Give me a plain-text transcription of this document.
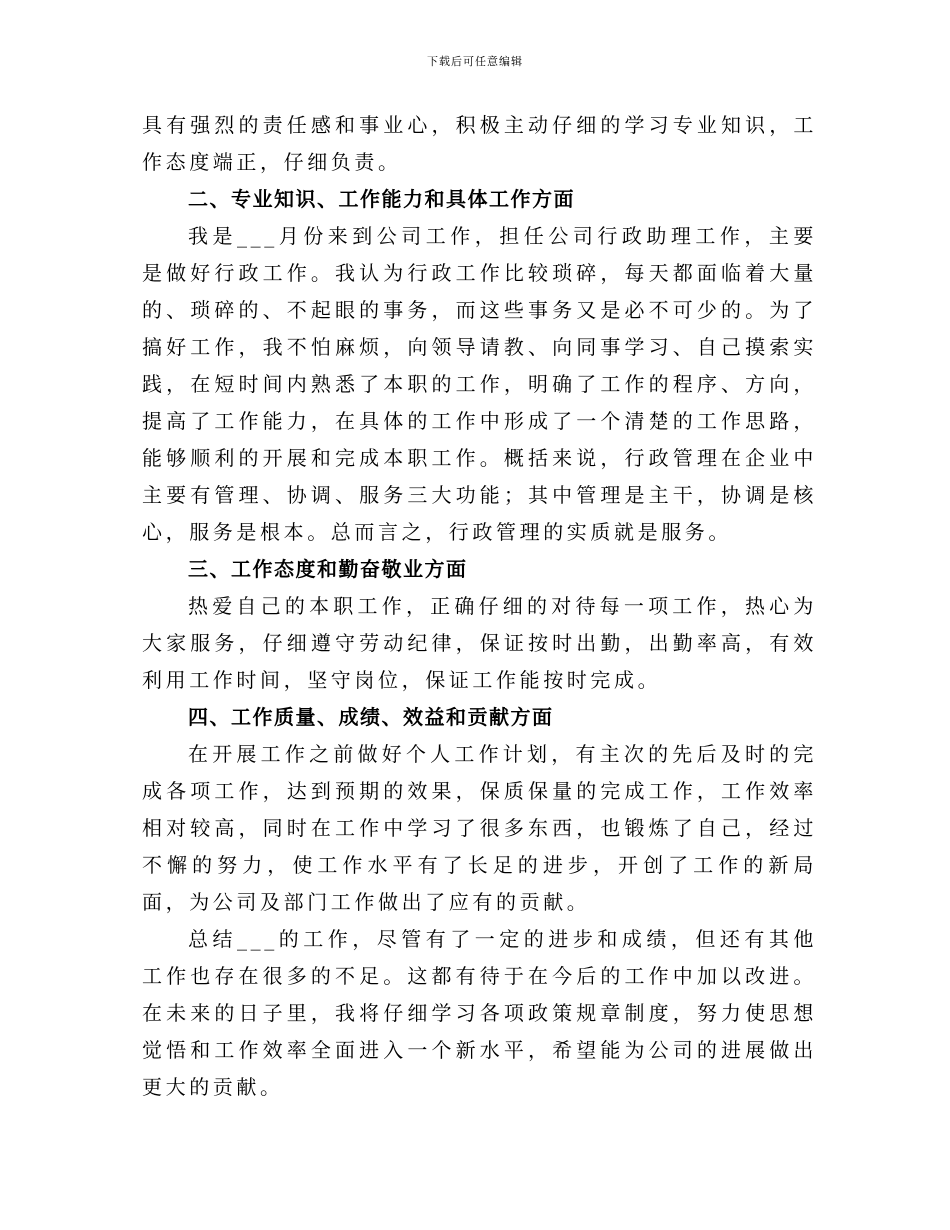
下载后可任意编辑

具有强烈的责任感和事业心，积极主动仔细的学习专业知识，工作态度端正，仔细负责。

二、专业知识、工作能力和具体工作方面

我是___月份来到公司工作，担任公司行政助理工作，主要是做好行政工作。我认为行政工作比较琐碎，每天都面临着大量的、琐碎的、不起眼的事务，而这些事务又是必不可少的。为了搞好工作，我不怕麻烦，向领导请教、向同事学习、自己摸索实践，在短时间内熟悉了本职的工作，明确了工作的程序、方向，提高了工作能力，在具体的工作中形成了一个清楚的工作思路，能够顺利的开展和完成本职工作。概括来说，行政管理在企业中主要有管理、协调、服务三大功能；其中管理是主干，协调是核心，服务是根本。总而言之，行政管理的实质就是服务。

三、工作态度和勤奋敬业方面

热爱自己的本职工作，正确仔细的对待每一项工作，热心为大家服务，仔细遵守劳动纪律，保证按时出勤，出勤率高，有效利用工作时间，坚守岗位，保证工作能按时完成。

四、工作质量、成绩、效益和贡献方面

在开展工作之前做好个人工作计划，有主次的先后及时的完成各项工作，达到预期的效果，保质保量的完成工作，工作效率相对较高，同时在工作中学习了很多东西，也锻炼了自己，经过不懈的努力，使工作水平有了长足的进步，开创了工作的新局面，为公司及部门工作做出了应有的贡献。

总结___的工作，尽管有了一定的进步和成绩，但还有其他工作也存在很多的不足。这都有待于在今后的工作中加以改进。在未来的日子里，我将仔细学习各项政策规章制度，努力使思想觉悟和工作效率全面进入一个新水平，希望能为公司的进展做出更大的贡献。
